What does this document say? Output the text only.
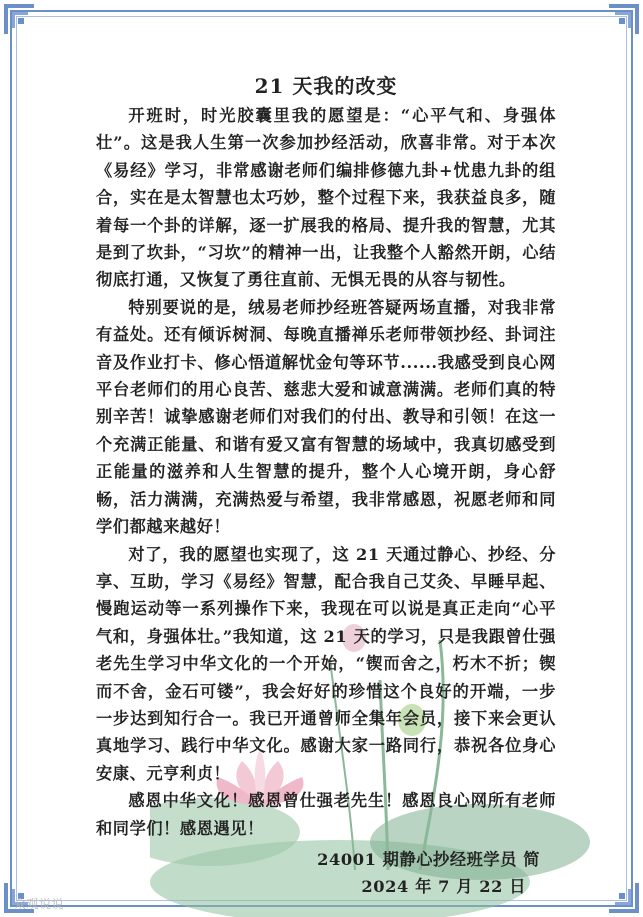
21 天我的改变

开班时，时光胶囊里我的愿望是：“心平气和、身强体壮”。这是我人生第一次参加抄经活动，欣喜非常。对于本次《易经》学习，非常感谢老师们编排修德九卦+忧患九卦的组合，实在是太智慧也太巧妙，整个过程下来，我获益良多，随着每一个卦的详解，逐一扩展我的格局、提升我的智慧，尤其是到了坎卦，“习坎”的精神一出，让我整个人豁然开朗，心结彻底打通，又恢复了勇往直前、无惧无畏的从容与韧性。

特别要说的是，绒易老师抄经班答疑两场直播，对我非常有益处。还有倾诉树洞、每晚直播禅乐老师带领抄经、卦词注音及作业打卡、修心悟道解忧金句等环节......我感受到良心网平台老师们的用心良苦、慈悲大爱和诚意满满。老师们真的特别辛苦！诚挚感谢老师们对我们的付出、教导和引领！在这一个充满正能量、和谐有爱又富有智慧的场域中，我真切感受到正能量的滋养和人生智慧的提升，整个人心境开朗，身心舒畅，活力满满，充满热爱与希望，我非常感恩，祝愿老师和同学们都越来越好！

对了，我的愿望也实现了，这 21 天通过静心、抄经、分享、互助，学习《易经》智慧，配合我自己艾灸、早睡早起、慢跑运动等一系列操作下来，我现在可以说是真正走向“心平气和，身强体壮。”我知道，这 21 天的学习，只是我跟曾仕强老先生学习中华文化的一个开始，“锲而舍之，朽木不折；锲而不舍，金石可镂”，我会好好的珍惜这个良好的开端，一步一步达到知行合一。我已开通曾师全集年会员，接下来会更认真地学习、践行中华文化。感谢大家一路同行，恭祝各位身心安康、元亨利贞！

感恩中华文化！感恩曾仕强老先生！感恩良心网所有老师和同学们！感恩遇见！

24001 期静心抄经班学员 简

2024 年 7 月 22 日

众观说说
